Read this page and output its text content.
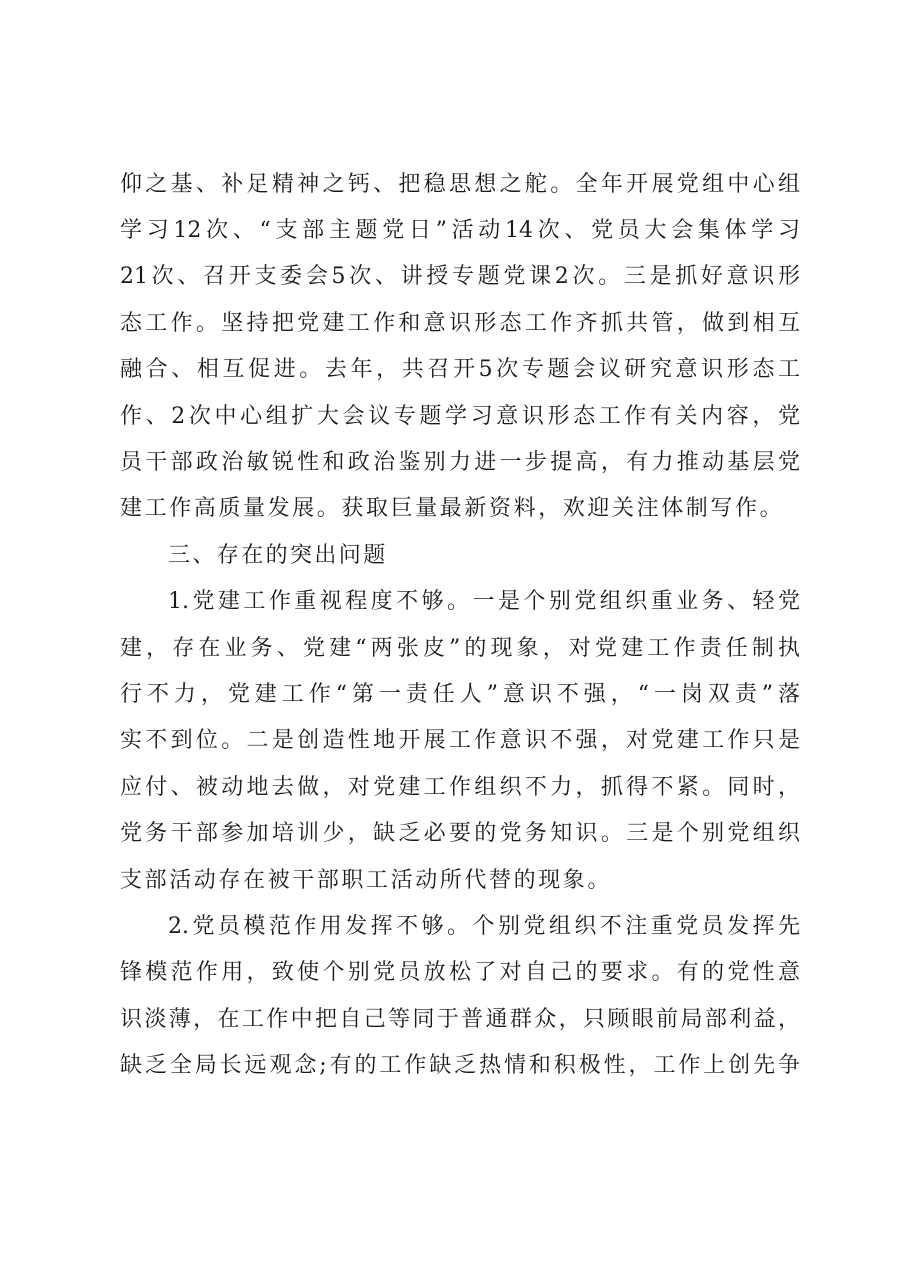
仰之基、补足精神之钙、把稳思想之舵。全年开展党组中心组
学习12次、“支部主题党日”活动14次、党员大会集体学习
21次、召开支委会5次、讲授专题党课2次。三是抓好意识形
态工作。坚持把党建工作和意识形态工作齐抓共管，做到相互
融合、相互促进。去年，共召开5次专题会议研究意识形态工
作、2次中心组扩大会议专题学习意识形态工作有关内容，党
员干部政治敏锐性和政治鉴别力进一步提高，有力推动基层党
建工作高质量发展。获取巨量最新资料，欢迎关注体制写作。
三、存在的突出问题
1.党建工作重视程度不够。一是个别党组织重业务、轻党
建，存在业务、党建“两张皮”的现象，对党建工作责任制执
行不力，党建工作“第一责任人”意识不强，“一岗双责”落
实不到位。二是创造性地开展工作意识不强，对党建工作只是
应付、被动地去做，对党建工作组织不力，抓得不紧。同时，
党务干部参加培训少，缺乏必要的党务知识。三是个别党组织
支部活动存在被干部职工活动所代替的现象。
2.党员模范作用发挥不够。个别党组织不注重党员发挥先
锋模范作用，致使个别党员放松了对自己的要求。有的党性意
识淡薄，在工作中把自己等同于普通群众，只顾眼前局部利益，
缺乏全局长远观念;有的工作缺乏热情和积极性，工作上创先争
